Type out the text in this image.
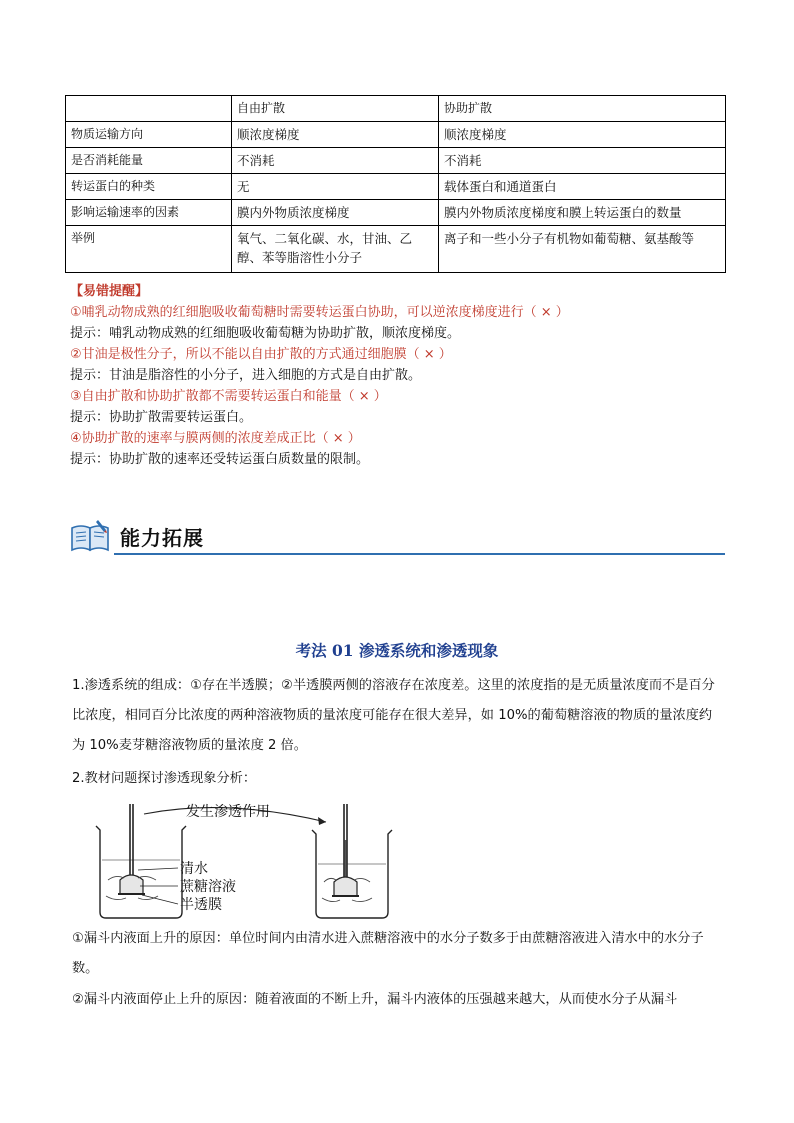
	自由扩散	协助扩散
物质运输方向	顺浓度梯度	顺浓度梯度
是否消耗能量	不消耗	不消耗
转运蛋白的种类	无	载体蛋白和通道蛋白
影响运输速率的因素	膜内外物质浓度梯度	膜内外物质浓度梯度和膜上转运蛋白的数量
举例	氧气、二氧化碳、水，甘油、乙醇、苯等脂溶性小分子	离子和一些小分子有机物如葡萄糖、氨基酸等
【易错提醒】
①哺乳动物成熟的红细胞吸收葡萄糖时需要转运蛋白协助，可以逆浓度梯度进行（ × ）
提示：哺乳动物成熟的红细胞吸收葡萄糖为协助扩散，顺浓度梯度。
②甘油是极性分子，所以不能以自由扩散的方式通过细胞膜（ × ）
提示：甘油是脂溶性的小分子，进入细胞的方式是自由扩散。
③自由扩散和协助扩散都不需要转运蛋白和能量（ × ）
提示：协助扩散需要转运蛋白。
④协助扩散的速率与膜两侧的浓度差成正比（ × ）
提示：协助扩散的速率还受转运蛋白质数量的限制。
能力拓展
考法 01 渗透系统和渗透现象
1.渗透系统的组成：①存在半透膜；②半透膜两侧的溶液存在浓度差。这里的浓度指的是无质量浓度而不是百分比浓度，相同百分比浓度的两种溶液物质的量浓度可能存在很大差异，如 10%的葡萄糖溶液的物质的量浓度约为 10%麦芽糖溶液物质的量浓度 2 倍。
2.教材问题探讨渗透现象分析：
清水
蔗糖溶液
半透膜
发生渗透作用
①漏斗内液面上升的原因：单位时间内由清水进入蔗糖溶液中的水分子数多于由蔗糖溶液进入清水中的水分子数。
②漏斗内液面停止上升的原因：随着液面的不断上升，漏斗内液体的压强越来越大，从而使水分子从漏斗
